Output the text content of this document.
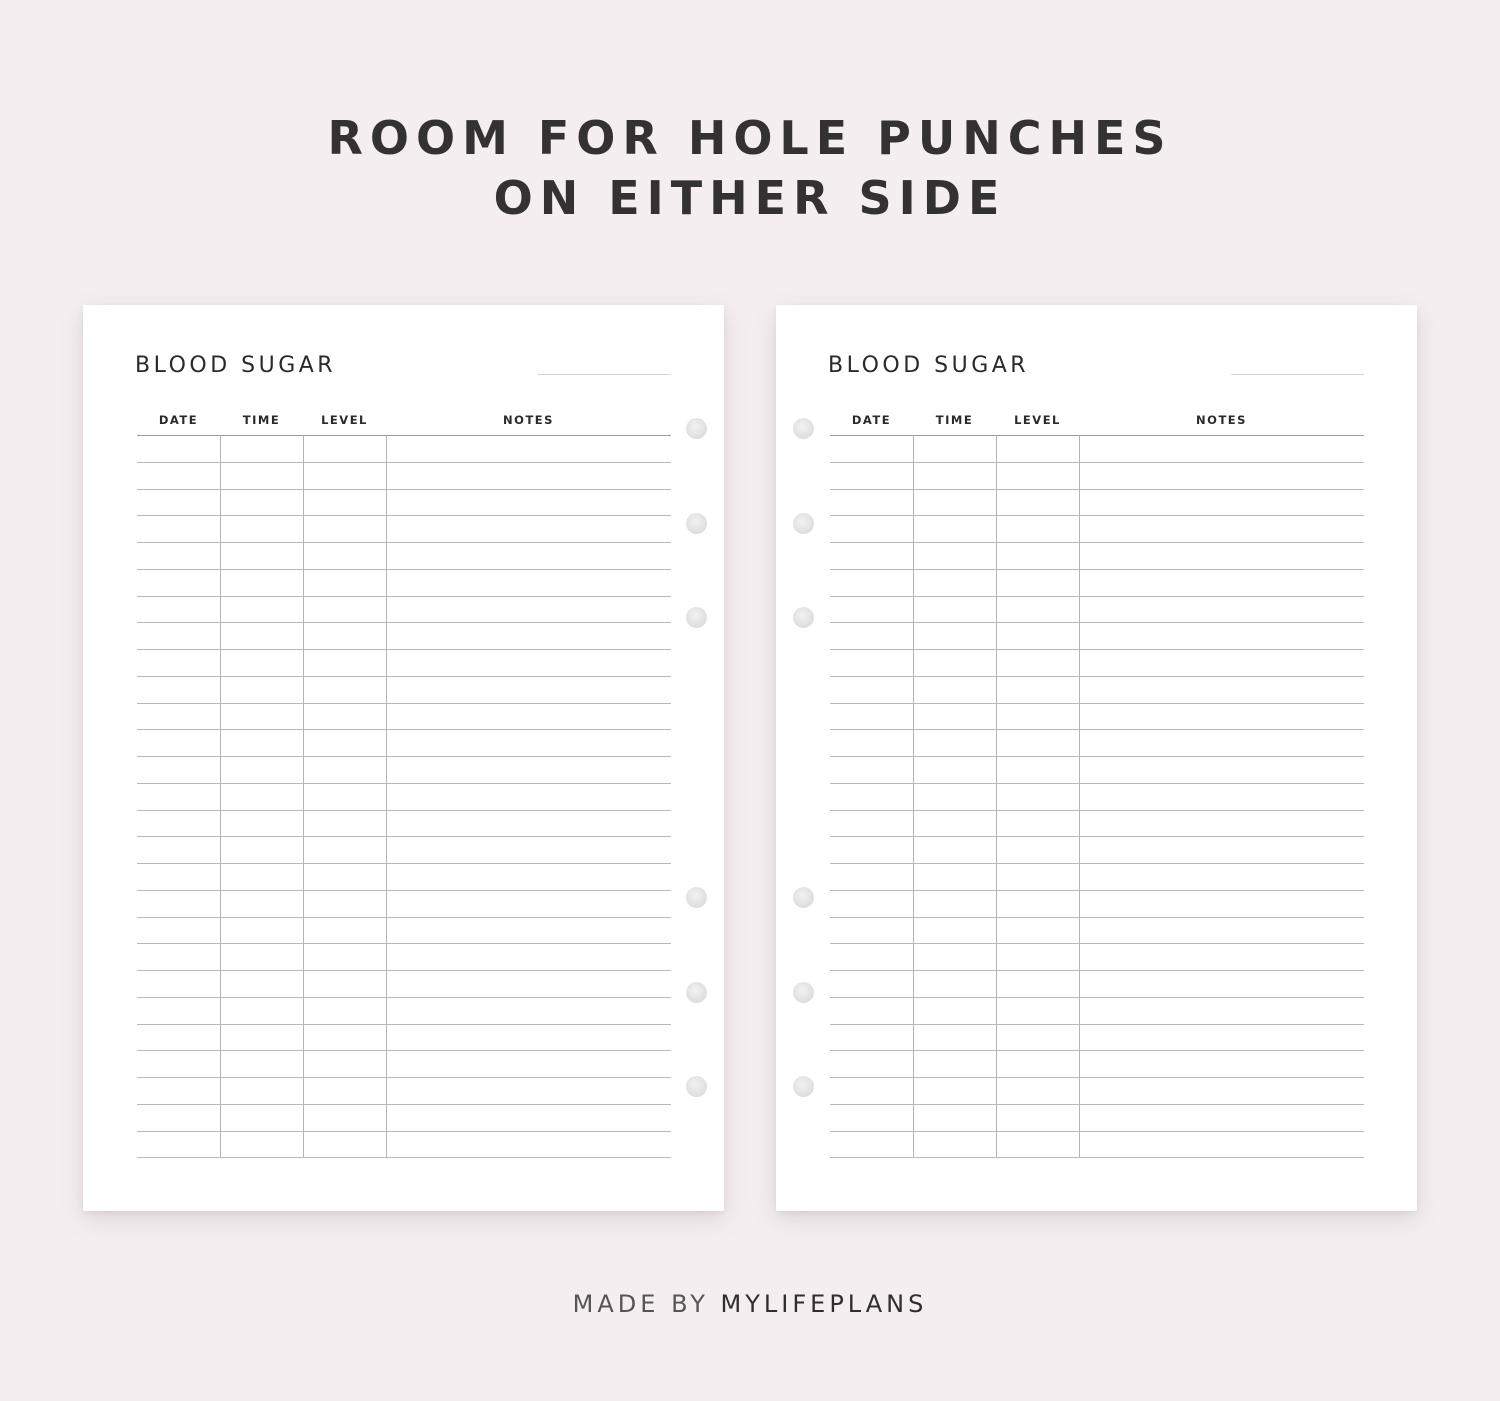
ROOM FOR HOLE PUNCHES
ON EITHER SIDE
BLOOD SUGAR
DATE	TIME	LEVEL	NOTES
BLOOD SUGAR
DATE	TIME	LEVEL	NOTES

MADE BY MYLIFEPLANS
